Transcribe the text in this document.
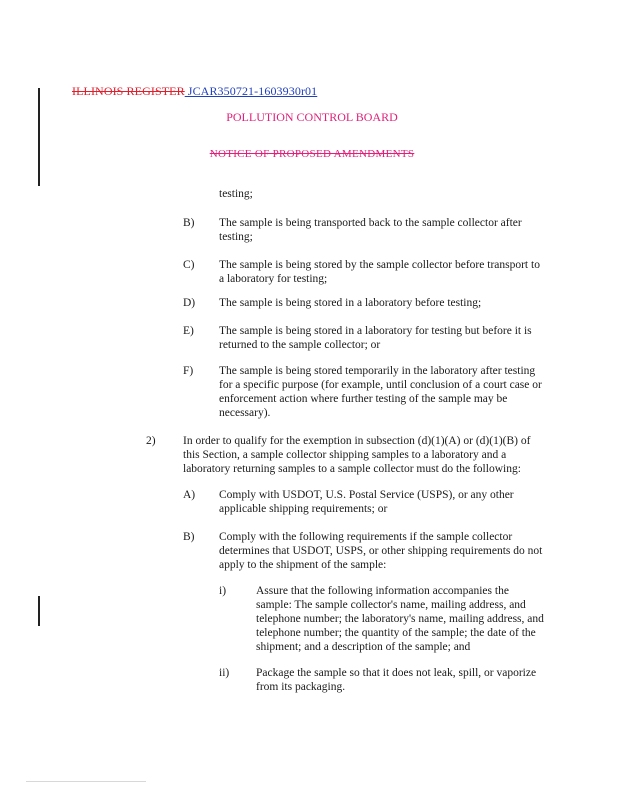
ILLINOIS REGISTER JCAR350721-1603930r01
POLLUTION CONTROL BOARD
NOTICE OF PROPOSED AMENDMENTS

testing;

B) The sample is being transported back to the sample collector after testing;

C) The sample is being stored by the sample collector before transport to a laboratory for testing;

D) The sample is being stored in a laboratory before testing;

E) The sample is being stored in a laboratory for testing but before it is returned to the sample collector; or

F) The sample is being stored temporarily in the laboratory after testing for a specific purpose (for example, until conclusion of a court case or enforcement action where further testing of the sample may be necessary).

2) In order to qualify for the exemption in subsection (d)(1)(A) or (d)(1)(B) of this Section, a sample collector shipping samples to a laboratory and a laboratory returning samples to a sample collector must do the following:

A) Comply with USDOT, U.S. Postal Service (USPS), or any other applicable shipping requirements; or

B) Comply with the following requirements if the sample collector determines that USDOT, USPS, or other shipping requirements do not apply to the shipment of the sample:

i)	Assure that the following information accompanies the sample: The sample collector's name, mailing address, and telephone number; the laboratory's name, mailing address, and telephone number; the quantity of the sample; the date of the shipment; and a description of the sample; and

ii) Package the sample so that it does not leak, spill, or vaporize from its packaging.
